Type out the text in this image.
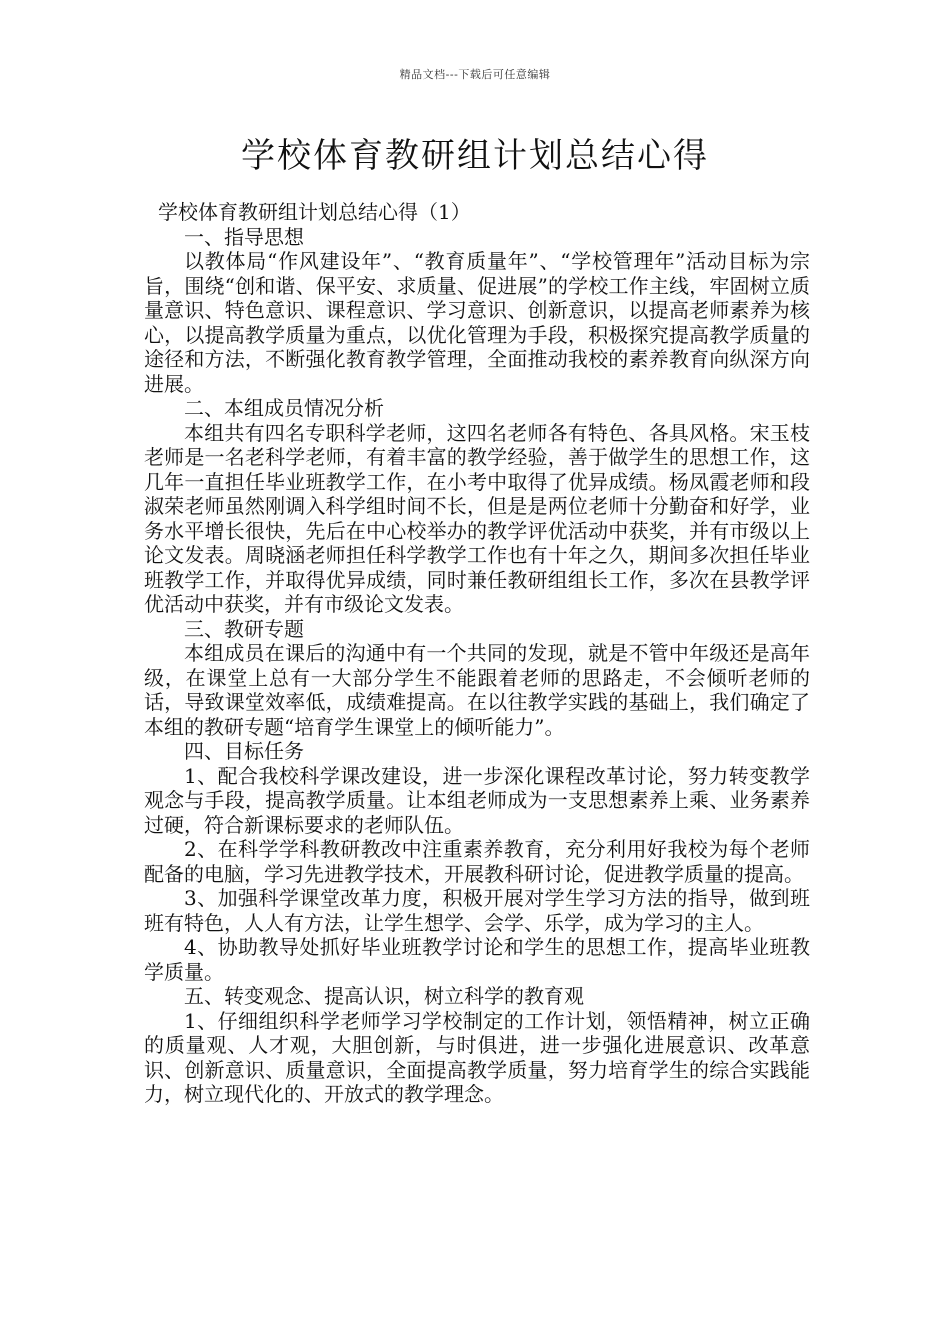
精品文档---下载后可任意编辑
学校体育教研组计划总结心得

学校体育教研组计划总结心得（1）

一、指导思想

以教体局“作风建设年”、“教育质量年”、“学校管理年”活动目标为宗旨，围绕“创和谐、保平安、求质量、促进展”的学校工作主线，牢固树立质量意识、特色意识、课程意识、学习意识、创新意识，以提高老师素养为核心，以提高教学质量为重点，以优化管理为手段，积极探究提高教学质量的途径和方法，不断强化教育教学管理，全面推动我校的素养教育向纵深方向进展。

二、本组成员情况分析

本组共有四名专职科学老师，这四名老师各有特色、各具风格。宋玉枝老师是一名老科学老师，有着丰富的教学经验，善于做学生的思想工作，这几年一直担任毕业班教学工作，在小考中取得了优异成绩。杨凤霞老师和段淑荣老师虽然刚调入科学组时间不长，但是是两位老师十分勤奋和好学，业务水平增长很快，先后在中心校举办的教学评优活动中获奖，并有市级以上论文发表。周晓涵老师担任科学教学工作也有十年之久，期间多次担任毕业班教学工作，并取得优异成绩，同时兼任教研组组长工作，多次在县教学评优活动中获奖，并有市级论文发表。

三、教研专题

本组成员在课后的沟通中有一个共同的发现，就是不管中年级还是高年级，在课堂上总有一大部分学生不能跟着老师的思路走，不会倾听老师的话，导致课堂效率低，成绩难提高。在以往教学实践的基础上，我们确定了本组的教研专题“培育学生课堂上的倾听能力”。

四、目标任务

1、配合我校科学课改建设，进一步深化课程改革讨论，努力转变教学观念与手段，提高教学质量。让本组老师成为一支思想素养上乘、业务素养过硬，符合新课标要求的老师队伍。

2、在科学学科教研教改中注重素养教育，充分利用好我校为每个老师配备的电脑，学习先进教学技术，开展教科研讨论，促进教学质量的提高。

3、加强科学课堂改革力度，积极开展对学生学习方法的指导，做到班班有特色，人人有方法，让学生想学、会学、乐学，成为学习的主人。

4、协助教导处抓好毕业班教学讨论和学生的思想工作，提高毕业班教学质量。

五、转变观念、提高认识，树立科学的教育观

1、仔细组织科学老师学习学校制定的工作计划，领悟精神，树立正确的质量观、人才观，大胆创新，与时俱进，进一步强化进展意识、改革意识、创新意识、质量意识，全面提高教学质量，努力培育学生的综合实践能力，树立现代化的、开放式的教学理念。
